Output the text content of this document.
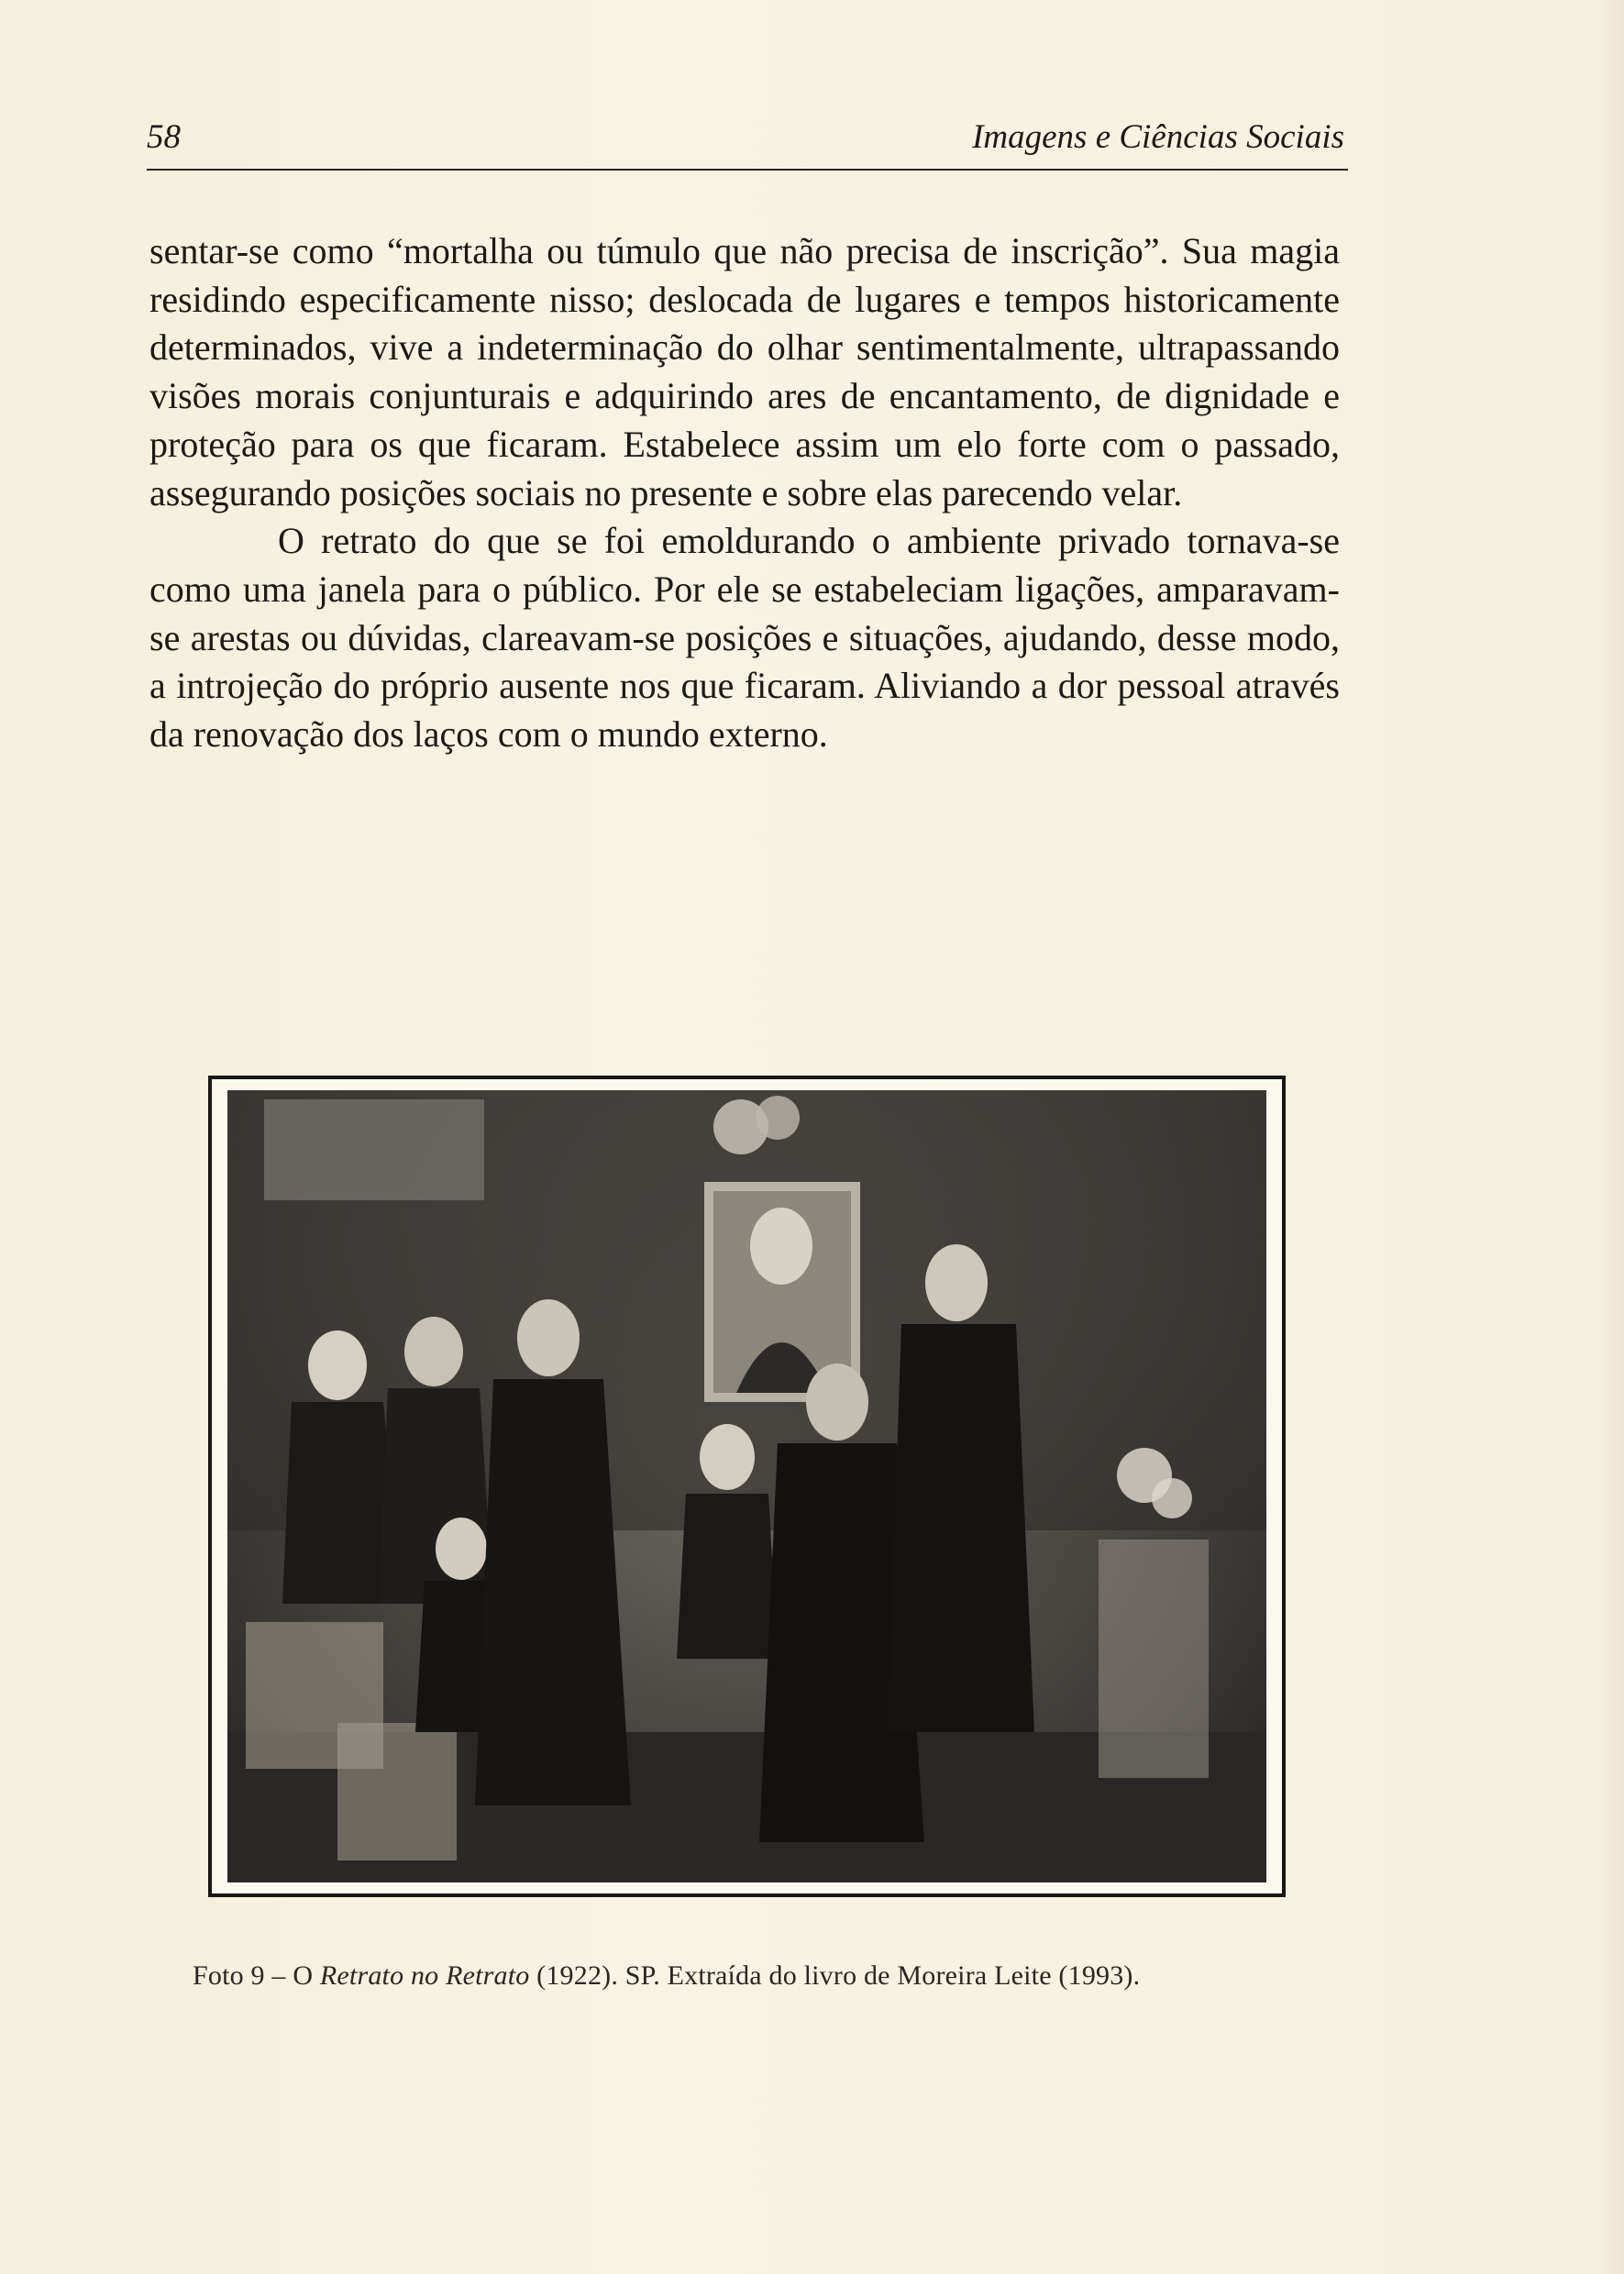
58	Imagens e Ciências Sociais

sentar-se como “mortalha ou túmulo que não precisa de inscrição”. Sua magia residindo especificamente nisso; deslocada de lugares e tempos historicamente determinados, vive a indeterminação do olhar sentimentalmente, ultrapassando visões morais conjunturais e adquirindo ares de encantamento, de dignidade e proteção para os que ficaram. Estabelece assim um elo forte com o passado, assegurando posições sociais no presente e sobre elas parecendo velar.

O retrato do que se foi emoldurando o ambiente privado tornava-se como uma janela para o público. Por ele se estabeleciam ligações, amparavam-se arestas ou dúvidas, clareavam-se posições e situações, ajudando, desse modo, a introjeção do próprio ausente nos que ficaram. Aliviando a dor pessoal através da renovação dos laços com o mundo externo.

Foto 9 – O Retrato no Retrato (1922). SP. Extraída do livro de Moreira Leite (1993).
